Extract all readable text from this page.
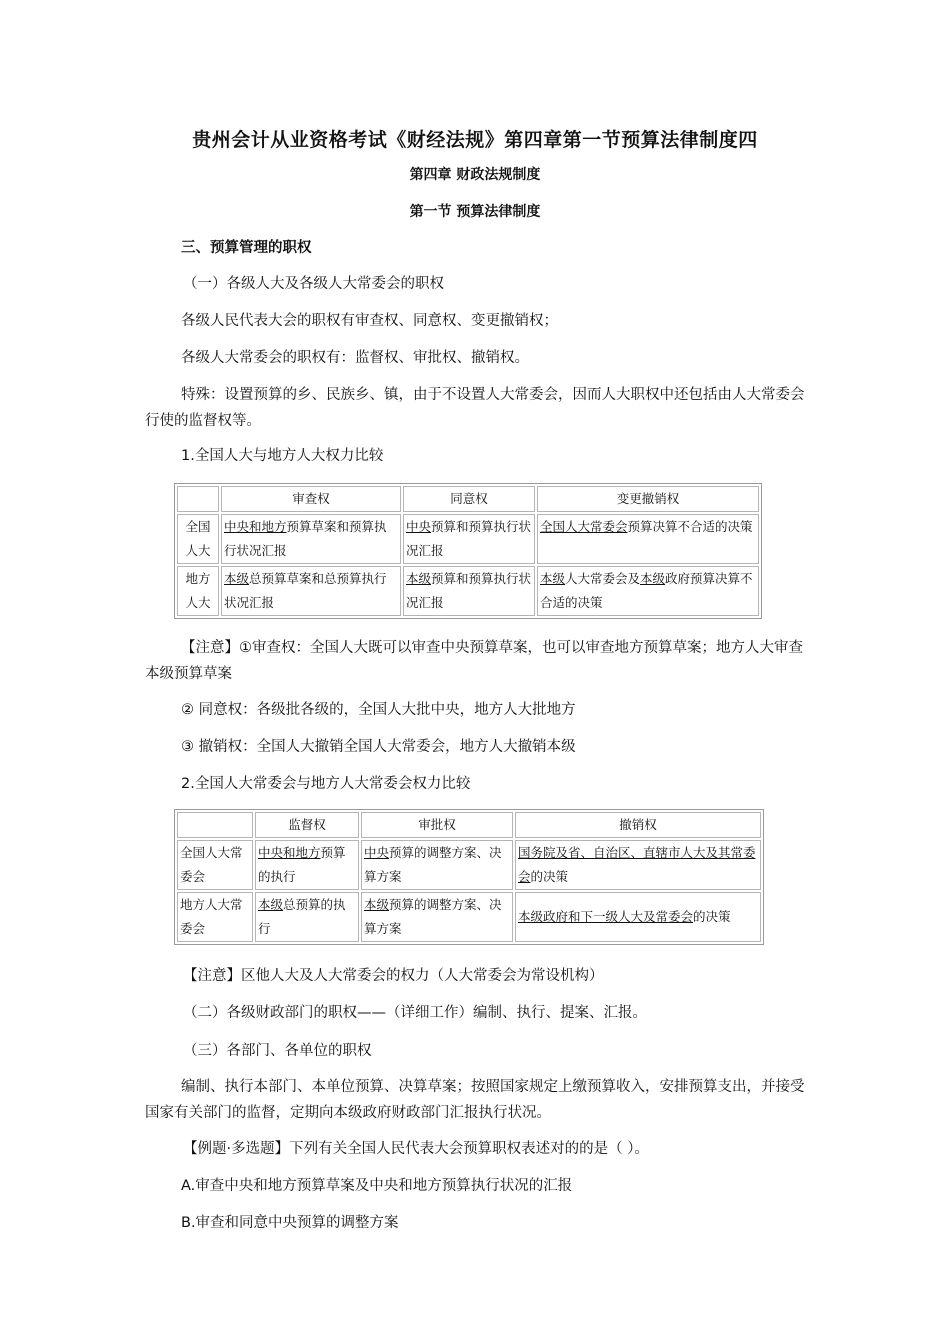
贵州会计从业资格考试《财经法规》第四章第一节预算法律制度四
第四章 财政法规制度
第一节 预算法律制度
三、预算管理的职权
（一）各级人大及各级人大常委会的职权
各级人民代表大会的职权有审查权、同意权、变更撤销权；
各级人大常委会的职权有：监督权、审批权、撤销权。
特殊：设置预算的乡、民族乡、镇，由于不设置人大常委会，因而人大职权中还包括由人大常委会行使的监督权等。
1.全国人大与地方人大权力比较
	审查权	同意权	变更撤销权
全国人大	中央和地方预算草案和预算执行状况汇报	中央预算和预算执行状况汇报	全国人大常委会预算决算不合适的决策
地方人大	本级总预算草案和总预算执行状况汇报	本级预算和预算执行状况汇报	本级人大常委会及本级政府预算决算不合适的决策
【注意】①审查权：全国人大既可以审查中央预算草案，也可以审查地方预算草案；地方人大审查本级预算草案
② 同意权：各级批各级的，全国人大批中央，地方人大批地方
③ 撤销权：全国人大撤销全国人大常委会，地方人大撤销本级
2.全国人大常委会与地方人大常委会权力比较
	监督权	审批权	撤销权
全国人大常委会	中央和地方预算的执行	中央预算的调整方案、决算方案	国务院及省、自治区、直辖市人大及其常委会的决策
地方人大常委会	本级总预算的执行	本级预算的调整方案、决算方案	本级政府和下一级人大及常委会的决策
【注意】区他人大及人大常委会的权力（人大常委会为常设机构）
（二）各级财政部门的职权——（详细工作）编制、执行、提案、汇报。
（三）各部门、各单位的职权
编制、执行本部门、本单位预算、决算草案；按照国家规定上缴预算收入，安排预算支出，并接受国家有关部门的监督，定期向本级政府财政部门汇报执行状况。
【例题·多选题】下列有关全国人民代表大会预算职权表述对的的是（ ）。
A.审查中央和地方预算草案及中央和地方预算执行状况的汇报
B.审查和同意中央预算的调整方案
